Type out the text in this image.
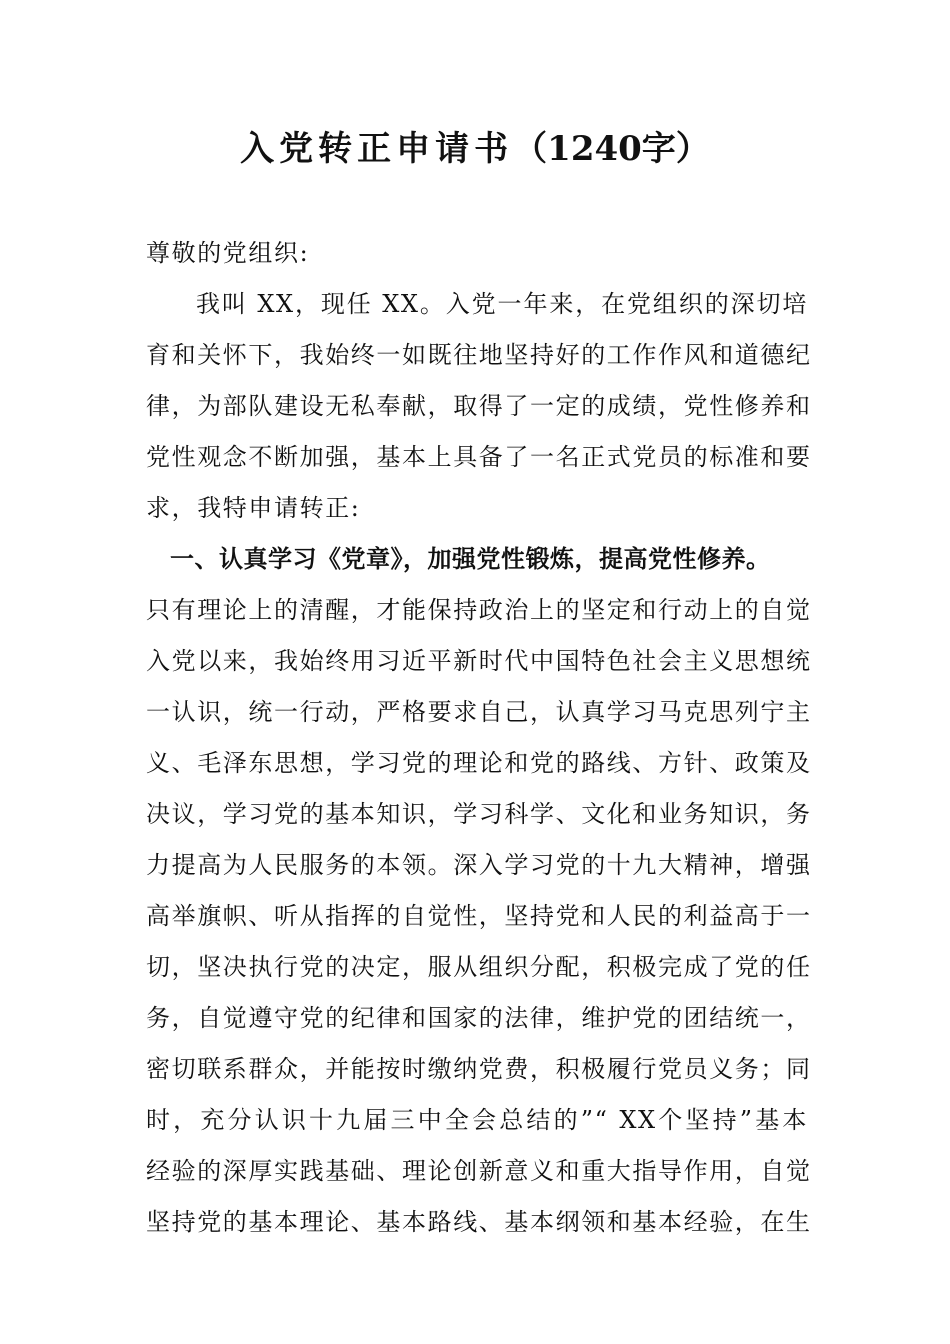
入党转正申请书（1240字）
尊敬的党组织:
我叫 XX，现任 XX。入党一年来，在党组织的深切培
育和关怀下，我始终一如既往地坚持好的工作作风和道德纪
律，为部队建设无私奉献，取得了一定的成绩，党性修养和
党性观念不断加强，基本上具备了一名正式党员的标准和要
求，我特申请转正:
一、认真学习《党章》，加强党性锻炼，提高党性修养。
只有理论上的清醒，才能保持政治上的坚定和行动上的自觉
入党以来，我始终用习近平新时代中国特色社会主义思想统
一认识，统一行动，严格要求自己，认真学习马克思列宁主
义、毛泽东思想，学习党的理论和党的路线、方针、政策及
决议，学习党的基本知识，学习科学、文化和业务知识，务
力提高为人民服务的本领。深入学习党的十九大精神，增强
高举旗帜、听从指挥的自觉性，坚持党和人民的利益高于一
切，坚决执行党的决定，服从组织分配，积极完成了党的任
务，自觉遵守党的纪律和国家的法律，维护党的团结统一，
密切联系群众，并能按时缴纳党费，积极履行党员义务；同
时，充分认识十九届三中全会总结的”“ XX个坚持”基本
经验的深厚实践基础、理论创新意义和重大指导作用，自觉
坚持党的基本理论、基本路线、基本纲领和基本经验，在生
